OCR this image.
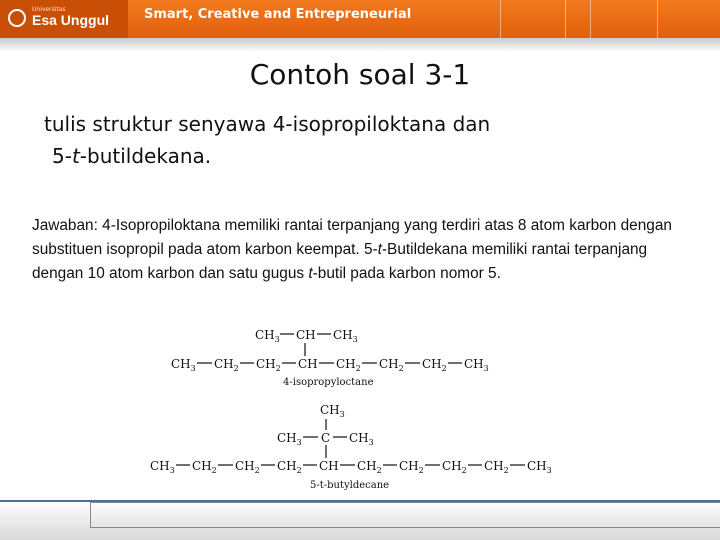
Universitas
Esa Unggul	Smart, Creative and Entrepreneurial
Contoh soal 3-1
tulis struktur senyawa 4-isopropiloktana dan
5-t-butildekana.
Jawaban: 4-Isopropiloktana memiliki rantai terpanjang yang terdiri atas 8 atom karbon dengan substituen isopropil pada atom karbon keempat. 5-t-Butildekana memiliki rantai terpanjang dengan 10 atom karbon dan satu gugus t-butil pada karbon nomor 5.
$CH_3$ CH $CH_3$
$CH_3$ $CH_2$ $CH_2$ CH $CH_2$ $CH_2$ $CH_2$ $CH_3$
4-isopropyloctane
$CH_3$
$CH_3$ C $CH_3$
$CH_3$ $CH_2$ $CH_2$ $CH_2$ CH $CH_2$ $CH_2$ $CH_2$ $CH_2$ $CH_3$
5-t-butyldecane
